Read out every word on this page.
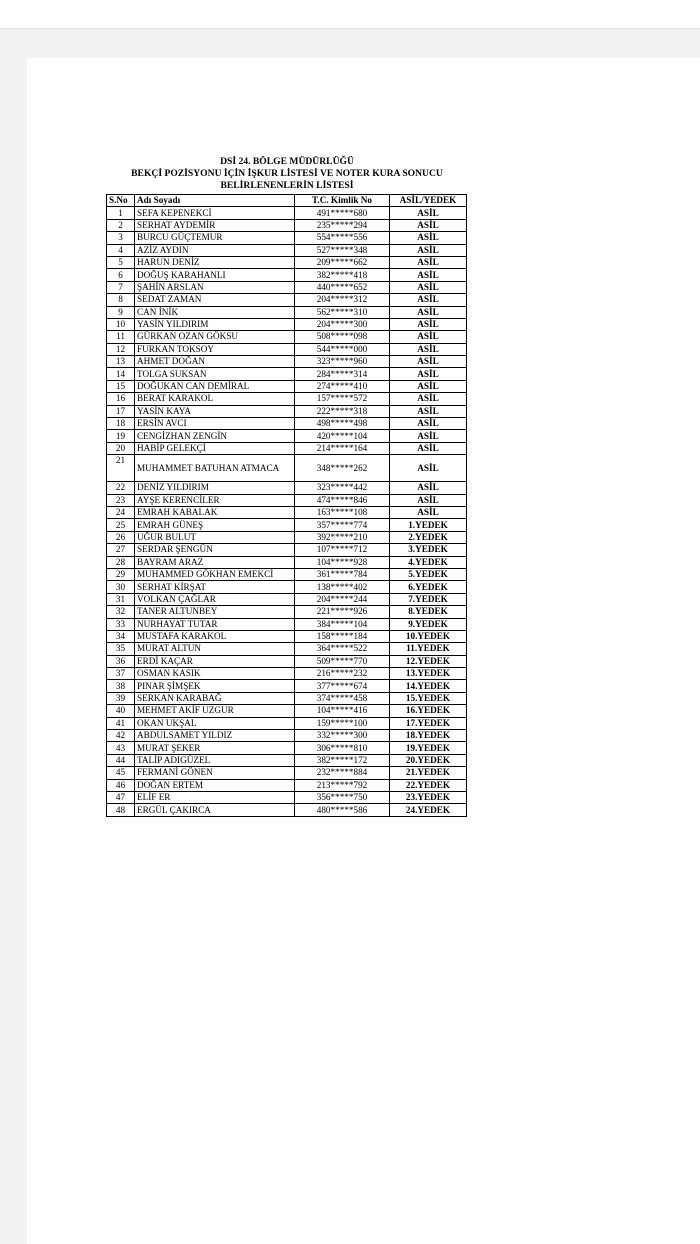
DSİ 24. BÖLGE MÜDÜRLÜĞÜ
BEKÇİ POZİSYONU İÇİN İŞKUR LİSTESİ VE NOTER KURA SONUCU
BELİRLENENLERİN LİSTESİ
S.No	Adı Soyadı	T.C. Kimlik No	ASİL/YEDEK
1	SEFA KEPENEKCİ	491*****680	ASİL
2	SERHAT AYDEMİR	235*****294	ASİL
3	BURCU GÜÇTEMUR	554*****556	ASİL
4	AZİZ AYDIN	527*****348	ASİL
5	HARUN DENİZ	209*****662	ASİL
6	DOĞUŞ KARAHANLI	382*****418	ASİL
7	ŞAHİN ARSLAN	440*****652	ASİL
8	SEDAT ZAMAN	204*****312	ASİL
9	CAN İNİK	562*****310	ASİL
10	YASİN YILDIRIM	204*****300	ASİL
11	GÜRKAN OZAN GÖKSU	508*****098	ASİL
12	FURKAN TOKSOY	544*****000	ASİL
13	AHMET DOĞAN	323*****960	ASİL
14	TOLGA SUKSAN	284*****314	ASİL
15	DOĞUKAN CAN DEMİRAL	274*****410	ASİL
16	BERAT KARAKOL	157*****572	ASİL
17	YASİN KAYA	222*****318	ASİL
18	ERSİN AVCI	498*****498	ASİL
19	CENGİZHAN ZENGİN	420*****104	ASİL
20	HABİP GELEKÇİ	214*****164	ASİL
21	MUHAMMET BATUHAN ATMACA	348*****262	ASİL
22	DENİZ YILDIRIM	323*****442	ASİL
23	AYŞE KERENCİLER	474*****846	ASİL
24	EMRAH KABALAK	163*****108	ASİL
25	EMRAH GÜNEŞ	357*****774	1.YEDEK
26	UĞUR BULUT	392*****210	2.YEDEK
27	SERDAR ŞENGÜN	107*****712	3.YEDEK
28	BAYRAM ARAZ	104*****928	4.YEDEK
29	MUHAMMED GÖKHAN EMEKCİ	361*****784	5.YEDEK
30	SERHAT KİRŞAT	138*****402	6.YEDEK
31	VOLKAN ÇAĞLAR	204*****244	7.YEDEK
32	TANER ALTUNBEY	221*****926	8.YEDEK
33	NURHAYAT TUTAR	384*****104	9.YEDEK
34	MUSTAFA KARAKOL	158*****184	10.YEDEK
35	MURAT ALTUN	364*****522	11.YEDEK
36	ERDİ KAÇAR	509*****770	12.YEDEK
37	OSMAN KASIK	216*****232	13.YEDEK
38	PINAR ŞİMŞEK	377*****674	14.YEDEK
39	SERKAN KARABAĞ	374*****458	15.YEDEK
40	MEHMET AKİF UZGUR	104*****416	16.YEDEK
41	OKAN UKŞAL	159*****100	17.YEDEK
42	ABDULSAMET YILDIZ	332*****300	18.YEDEK
43	MURAT ŞEKER	306*****810	19.YEDEK
44	TALİP ADIGÜZEL	382*****172	20.YEDEK
45	FERMANİ GÖNEN	232*****884	21.YEDEK
46	DOĞAN ERTEM	213*****792	22.YEDEK
47	ELİF ER	356*****750	23.YEDEK
48	ERGÜL ÇAKIRCA	480*****586	24.YEDEK
